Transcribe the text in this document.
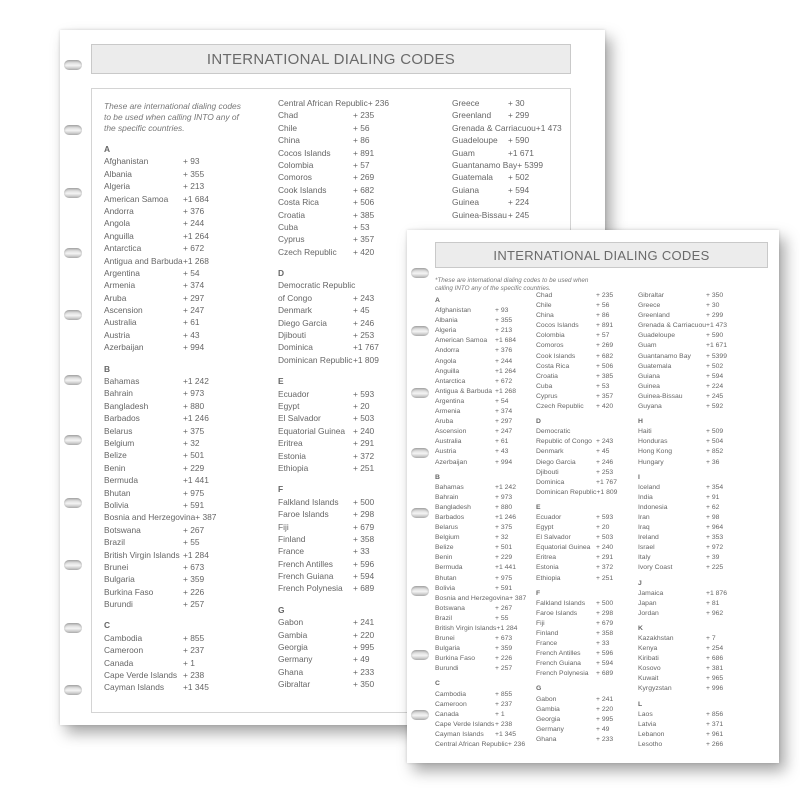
INTERNATIONAL DIALING CODES
These are international dialing codes
to be used when calling INTO any of
the specific countries.
A
Afghanistan	+ 93
Albania	+ 355
Algeria	+ 213
American Samoa	+1 684
Andorra	+ 376
Angola	+ 244
Anguilla	+1 264
Antarctica	+ 672
Antigua and Barbuda +1 268
Argentina	+ 54
Armenia	+ 374
Aruba	+ 297
Ascension	+ 247
Australia	+ 61
Austria	+ 43
Azerbaijan	+ 994
B
Bahamas	+1 242
Bahrain	+ 973
Bangladesh	+ 880
Barbados	+1 246
Belarus	+ 375
Belgium	+ 32
Belize	+ 501
Benin	+ 229
Bermuda	+1 441
Bhutan	+ 975
Bolivia	+ 591
Bosnia and Herzegovina + 387
Botswana	+ 267
Brazil	+ 55
British Virgin Islands +1 284
Brunei	+ 673
Bulgaria	+ 359
Burkina Faso	+ 226
Burundi	+ 257
C
Cambodia	+ 855
Cameroon	+ 237
Canada	+ 1
Cape Verde Islands + 238
Cayman Islands	+1 345
Central African Republic + 236
Chad	+ 235
Chile	+ 56
China	+ 86
Cocos Islands	+ 891
Colombia	+ 57
Comoros	+ 269
Cook Islands	+ 682
Costa Rica	+ 506
Croatia	+ 385
Cuba	+ 53
Cyprus	+ 357
Czech Republic	+ 420
D
Democratic Republic
of Congo	+ 243
Denmark	+ 45
Diego Garcia	+ 246
Djibouti	+ 253
Dominica	+1 767
Dominican Republic +1 809
E
Ecuador	+ 593
Egypt	+ 20
El Salvador	+ 503
Equatorial Guinea + 240
Eritrea	+ 291
Estonia	+ 372
Ethiopia	+ 251
F
Falkland Islands	+ 500
Faroe Islands	+ 298
Fiji	+ 679
Finland	+ 358
France	+ 33
French Antilles	+ 596
French Guiana	+ 594
French Polynesia	+ 689
G
Gabon	+ 241
Gambia	+ 220
Georgia	+ 995
Germany	+ 49
Ghana	+ 233
Gibraltar	+ 350
Greece	+ 30
Greenland	+ 299
Grenada & Carriacuou +1 473
Guadeloupe	+ 590
Guam	+1 671
Guantanamo Bay + 5399
Guatemala	+ 502
Guiana	+ 594
Guinea	+ 224
Guinea-Bissau + 245
INTERNATIONAL DIALING CODES
*These are international dialing codes to be used when
calling INTO any of the specific countries.
A
Afghanistan	+ 93
Albania	+ 355
Algeria	+ 213
American Samoa	+1 684
Andorra	+ 376
Angola	+ 244
Anguilla	+1 264
Antarctica	+ 672
Antigua & Barbuda +1 268
Argentina	+ 54
Armenia	+ 374
Aruba	+ 297
Ascension	+ 247
Australia	+ 61
Austria	+ 43
Azerbaijan	+ 994
B
Bahamas	+1 242
Bahrain	+ 973
Bangladesh	+ 880
Barbados	+1 246
Belarus	+ 375
Belgium	+ 32
Belize	+ 501
Benin	+ 229
Bermuda	+1 441
Bhutan	+ 975
Bolivia	+ 591
Bosnia and Herzegovina + 387
Botswana	+ 267
Brazil	+ 55
British Virgin Islands +1 284
Brunei	+ 673
Bulgaria	+ 359
Burkina Faso	+ 226
Burundi	+ 257
C
Cambodia	+ 855
Cameroon	+ 237
Canada	+ 1
Cape Verde Islands + 238
Cayman Islands	+1 345
Central African Republic + 236
Chad	+ 235
Chile	+ 56
China	+ 86
Cocos Islands	+ 891
Colombia	+ 57
Comoros	+ 269
Cook Islands	+ 682
Costa Rica	+ 506
Croatia	+ 385
Cuba	+ 53
Cyprus	+ 357
Czech Republic	+ 420
D
Democratic
Republic of Congo + 243
Denmark	+ 45
Diego Garcia	+ 246
Djibouti	+ 253
Dominica	+1 767
Dominican Republic +1 809
E
Ecuador	+ 593
Egypt	+ 20
El Salvador	+ 503
Equatorial Guinea + 240
Eritrea	+ 291
Estonia	+ 372
Ethiopia	+ 251
F
Falkland Islands	+ 500
Faroe Islands	+ 298
Fiji	+ 679
Finland	+ 358
France	+ 33
French Antilles	+ 596
French Guiana	+ 594
French Polynesia	+ 689
G
Gabon	+ 241
Gambia	+ 220
Georgia	+ 995
Germany	+ 49
Ghana	+ 233
Gibraltar	+ 350
Greece	+ 30
Greenland	+ 299
Grenada & Carriacuou +1 473
Guadeloupe	+ 590
Guam	+1 671
Guantanamo Bay	+ 5399
Guatemala	+ 502
Guiana	+ 594
Guinea	+ 224
Guinea-Bissau	+ 245
Guyana	+ 592
H
Haiti	+ 509
Honduras	+ 504
Hong Kong	+ 852
Hungary	+ 36
I
Iceland	+ 354
India	+ 91
Indonesia	+ 62
Iran	+ 98
Iraq	+ 964
Ireland	+ 353
Israel	+ 972
Italy	+ 39
Ivory Coast	+ 225
J
Jamaica	+1 876
Japan	+ 81
Jordan	+ 962
K
Kazakhstan	+ 7
Kenya	+ 254
Kiribati	+ 686
Kosovo	+ 381
Kuwait	+ 965
Kyrgyzstan	+ 996
L
Laos	+ 856
Latvia	+ 371
Lebanon	+ 961
Lesotho	+ 266
